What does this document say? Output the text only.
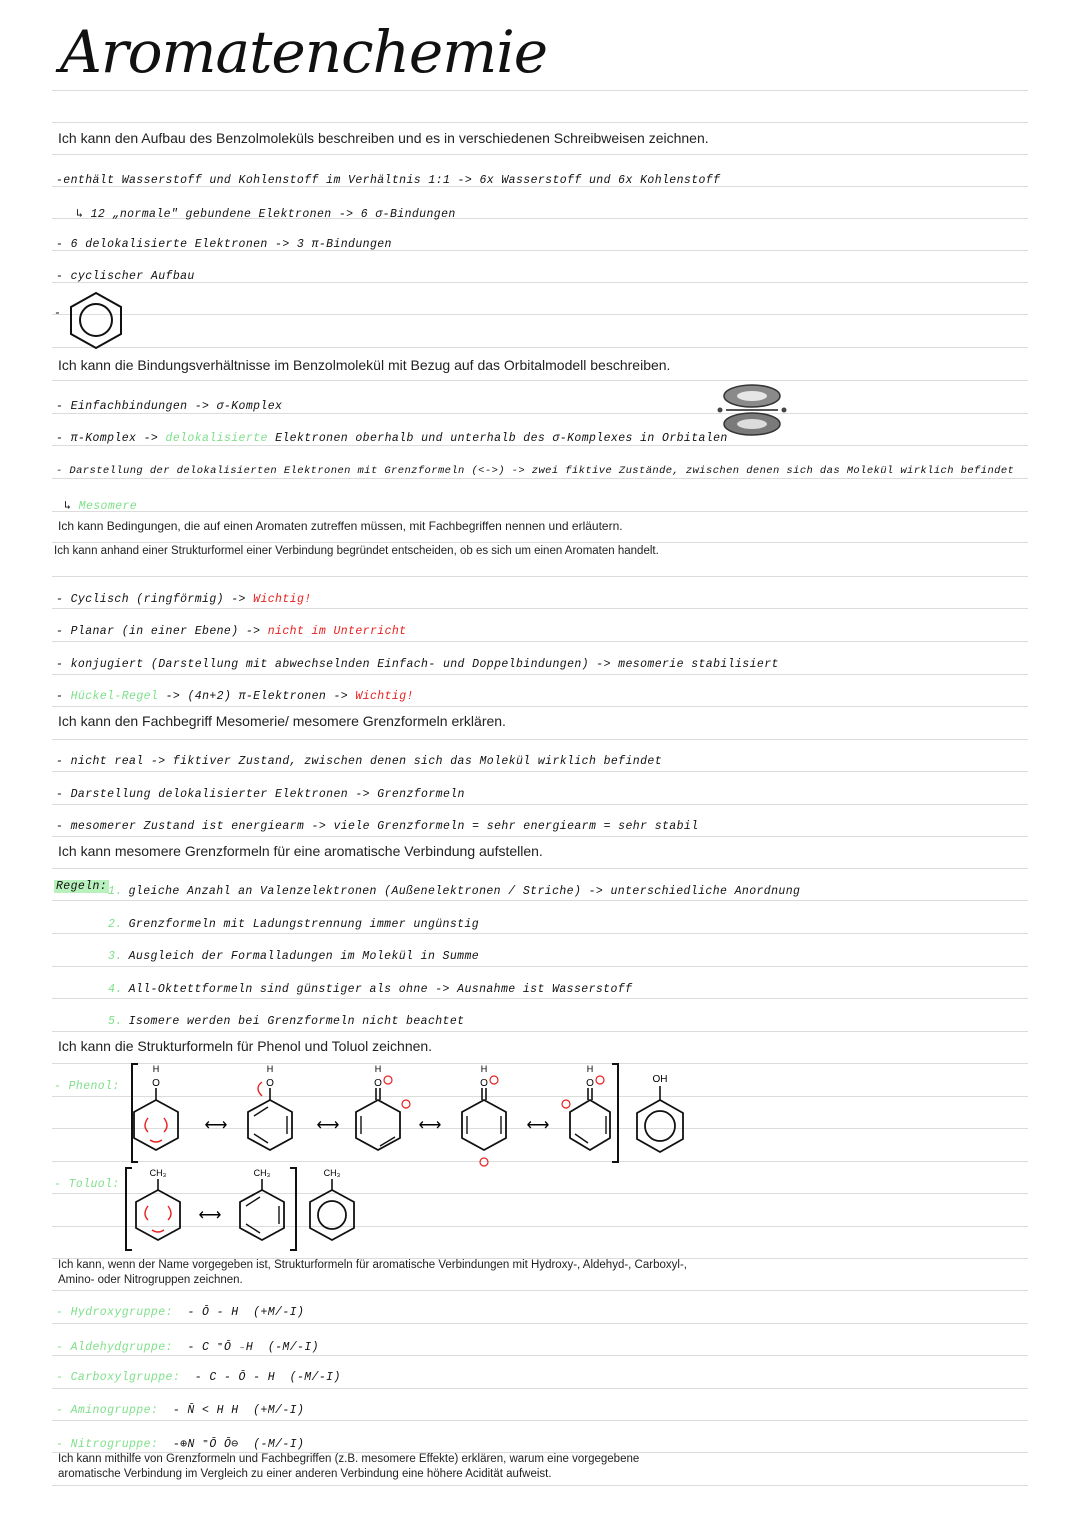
Aromatenchemie
Ich kann den Aufbau des Benzolmoleküls beschreiben und es in verschiedenen Schreibweisen zeichnen.
-enthält Wasserstoff und Kohlenstoff im Verhältnis 1:1 -> 6x Wasserstoff und 6x Kohlenstoff
↳ 12 „normale" gebundene Elektronen -> 6 σ-Bindungen
- 6 delokalisierte Elektronen -> 3 π-Bindungen
- cyclischer Aufbau
-
Ich kann die Bindungsverhältnisse im Benzolmolekül mit Bezug auf das Orbitalmodell beschreiben.
- Einfachbindungen -> σ-Komplex
- π-Komplex -> delokalisierte Elektronen oberhalb und unterhalb des σ-Komplexes in Orbitalen
- Darstellung der delokalisierten Elektronen mit Grenzformeln (<->) -> zwei fiktive Zustände, zwischen denen sich das Molekül wirklich befindet
↳ Mesomere
Ich kann Bedingungen, die auf einen Aromaten zutreffen müssen, mit Fachbegriffen nennen und erläutern.
Ich kann anhand einer Strukturformel einer Verbindung begründet entscheiden, ob es sich um einen Aromaten handelt.
- Cyclisch (ringförmig) -> Wichtig!
- Planar (in einer Ebene) -> nicht im Unterricht
- konjugiert (Darstellung mit abwechselnden Einfach- und Doppelbindungen) -> mesomerie stabilisiert
- Hückel-Regel -> (4n+2) π-Elektronen -> Wichtig!
Ich kann den Fachbegriff Mesomerie/ mesomere Grenzformeln erklären.
- nicht real -> fiktiver Zustand, zwischen denen sich das Molekül wirklich befindet
- Darstellung delokalisierter Elektronen -> Grenzformeln
- mesomerer Zustand ist energiearm -> viele Grenzformeln = sehr energiearm = sehr stabil
Ich kann mesomere Grenzformeln für eine aromatische Verbindung aufstellen.
Regeln: 1. gleiche Anzahl an Valenzelektronen (Außenelektronen / Striche) -> unterschiedliche Anordnung
2. Grenzformeln mit Ladungstrennung immer ungünstig
3. Ausgleich der Formalladungen im Molekül in Summe
4. All-Oktettformeln sind günstiger als ohne -> Ausnahme ist Wasserstoff
5. Isomere werden bei Grenzformeln nicht beachtet
Ich kann die Strukturformeln für Phenol und Toluol zeichnen.
- Phenol:
- Toluol:
H
O
⟷
H
O
⟷
H
O
⟷
H
O
⟷
H
O	OH
CH₃
⟷
CH₃	CH₃
Ich kann, wenn der Name vorgegeben ist, Strukturformeln für aromatische Verbindungen mit Hydroxy-, Aldehyd-, Carboxyl-, Amino- oder Nitrogruppen zeichnen.
- Hydroxygruppe: - Ō - H (+M/-I)
- Aldehydgruppe: - C ⁼Ō ₋H (-M/-I)
- Carboxylgruppe: - C - Ō - H (-M/-I)
- Aminogruppe: - N̄ < H H (+M/-I)
- Nitrogruppe: -⊕N ⁼Ō Ō⊖ (-M/-I)
Ich kann mithilfe von Grenzformeln und Fachbegriffen (z.B. mesomere Effekte) erklären, warum eine vorgegebene aromatische Verbindung im Vergleich zu einer anderen Verbindung eine höhere Acidität aufweist.
